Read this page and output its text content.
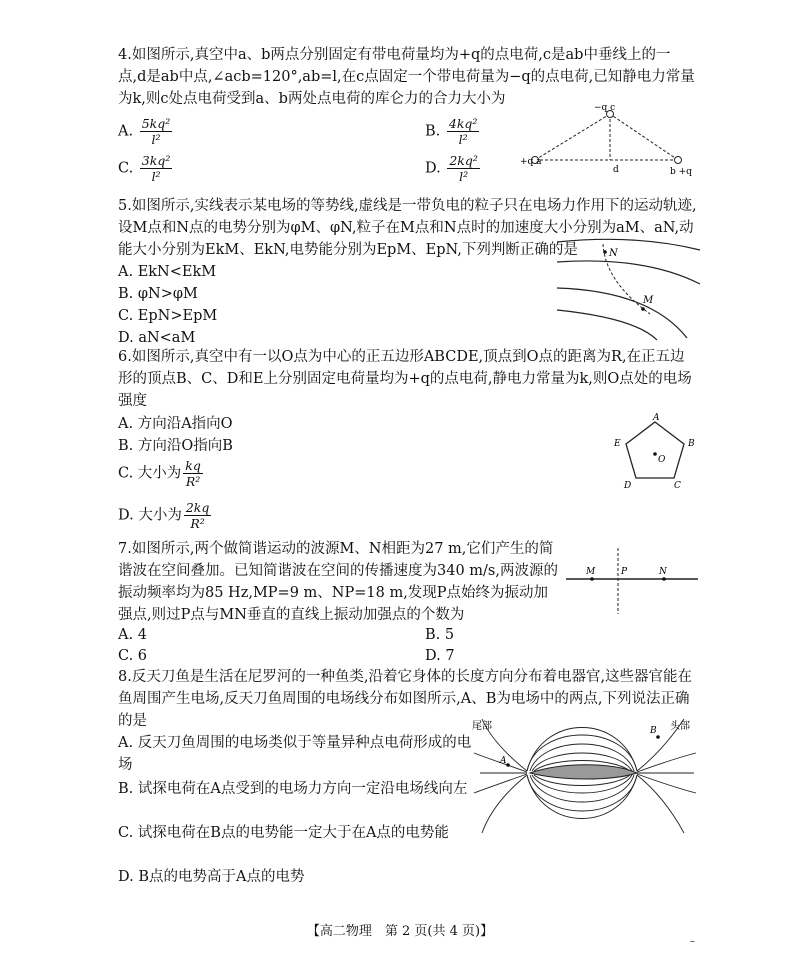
4.如图所示,真空中a、b两点分别固定有带电荷量均为+q的点电荷,c是ab中垂线上的一点,d是ab中点,∠acb=120°,ab=l,在c点固定一个带电荷量为−q的点电荷,已知静电力常量为k,则c处点电荷受到a、b两处点电荷的库仑力的合力大小为

A. $\frac{\text{5kq²}}{\text{l²}}$	B. $\frac{\text{4kq²}}{\text{l²}}$
C. $\frac{\text{3kq²}}{\text{l²}}$	D. $\frac{\text{2kq²}}{\text{l²}}$	+q a
b +q
−q c
d

5.如图所示,实线表示某电场的等势线,虚线是一带负电的粒子只在电场力作用下的运动轨迹,设M点和N点的电势分别为φM、φN,粒子在M点和N点时的加速度大小分别为aM、aN,动能大小分别为EkM、EkN,电势能分别为EpM、EpN,下列判断正确的是

A. EkN<EkM
B. φN>φM
C. EpN>EpM
D. aN<aM
N
M

6.如图所示,真空中有一以O点为中心的正五边形ABCDE,顶点到O点的距离为R,在正五边形的顶点B、C、D和E上分别固定电荷量均为+q的点电荷,静电力常量为k,则O点处的电场强度

A. 方向沿A指向O
B. 方向沿O指向B
C. 大小为 $\frac{kq}{\text{R²}}$
D. 大小为 $\frac{2kq}{\text{R²}}$
A
B
C
D
E
O

7.如图所示,两个做简谐运动的波源M、N相距为27 m,它们产生的简谐波在空间叠加。已知简谐波在空间的传播速度为340 m/s,两波源的振动频率均为85 Hz,MP=9 m、NP=18 m,发现P点始终为振动加强点,则过P点与MN垂直的直线上振动加强点的个数为

A. 4	B. 5
C. 6	D. 7
M	P	N

8.反天刀鱼是生活在尼罗河的一种鱼类,沿着它身体的长度方向分布着电器官,这些器官能在鱼周围产生电场,反天刀鱼周围的电场线分布如图所示,A、B为电场中的两点,下列说法正确的是

A. 反天刀鱼周围的电场类似于等量异种点电荷形成的电场

B. 试探电荷在A点受到的电场力方向一定沿电场线向左

C. 试探电荷在B点的电势能一定大于在A点的电势能

D. B点的电势高于A点的电势

A
B
尾部	头部
【高二物理　第 2 页(共 4 页)】
–
